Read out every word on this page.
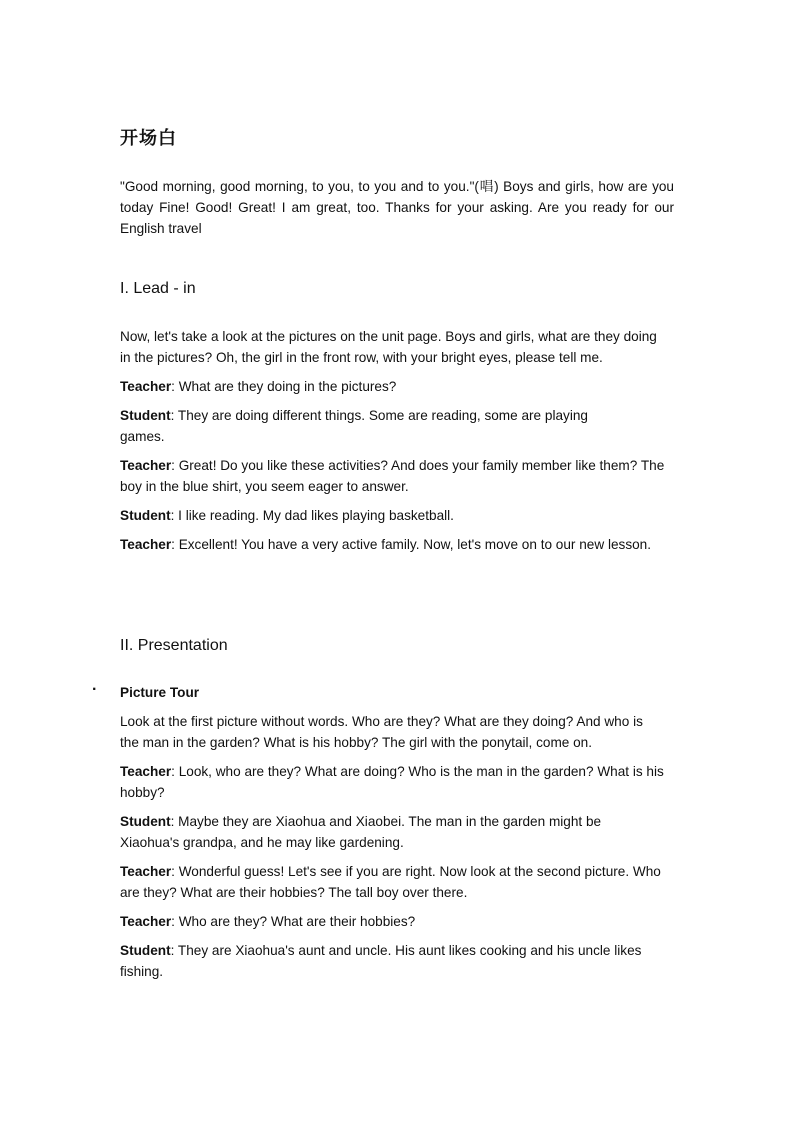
开场白
"Good morning, good morning, to you, to you and to you."(唱) Boys and girls, how are you today Fine! Good! Great! I am great, too. Thanks for your asking. Are you ready for our English travel
I. Lead - in

Now, let's take a look at the pictures on the unit page. Boys and girls, what are they doing in the pictures? Oh, the girl in the front row, with your bright eyes, please tell me.

Teacher: What are they doing in the pictures?

Student: They are doing different things. Some are reading, some are playing games.

Teacher: Great! Do you like these activities? And does your family member like them? The boy in the blue shirt, you seem eager to answer.

Student: I like reading. My dad likes playing basketball.

Teacher: Excellent! You have a very active family. Now, let's move on to our new lesson.

II. Presentation
· Picture Tour

Look at the first picture without words. Who are they? What are they doing? And who is the man in the garden? What is his hobby? The girl with the ponytail, come on.

Teacher: Look, who are they? What are doing? Who is the man in the garden? What is his hobby?

Student: Maybe they are Xiaohua and Xiaobei. The man in the garden might be Xiaohua's grandpa, and he may like gardening.

Teacher: Wonderful guess! Let's see if you are right. Now look at the second picture. Who are they? What are their hobbies? The tall boy over there.

Teacher: Who are they? What are their hobbies?

Student: They are Xiaohua's aunt and uncle. His aunt likes cooking and his uncle likes fishing.
